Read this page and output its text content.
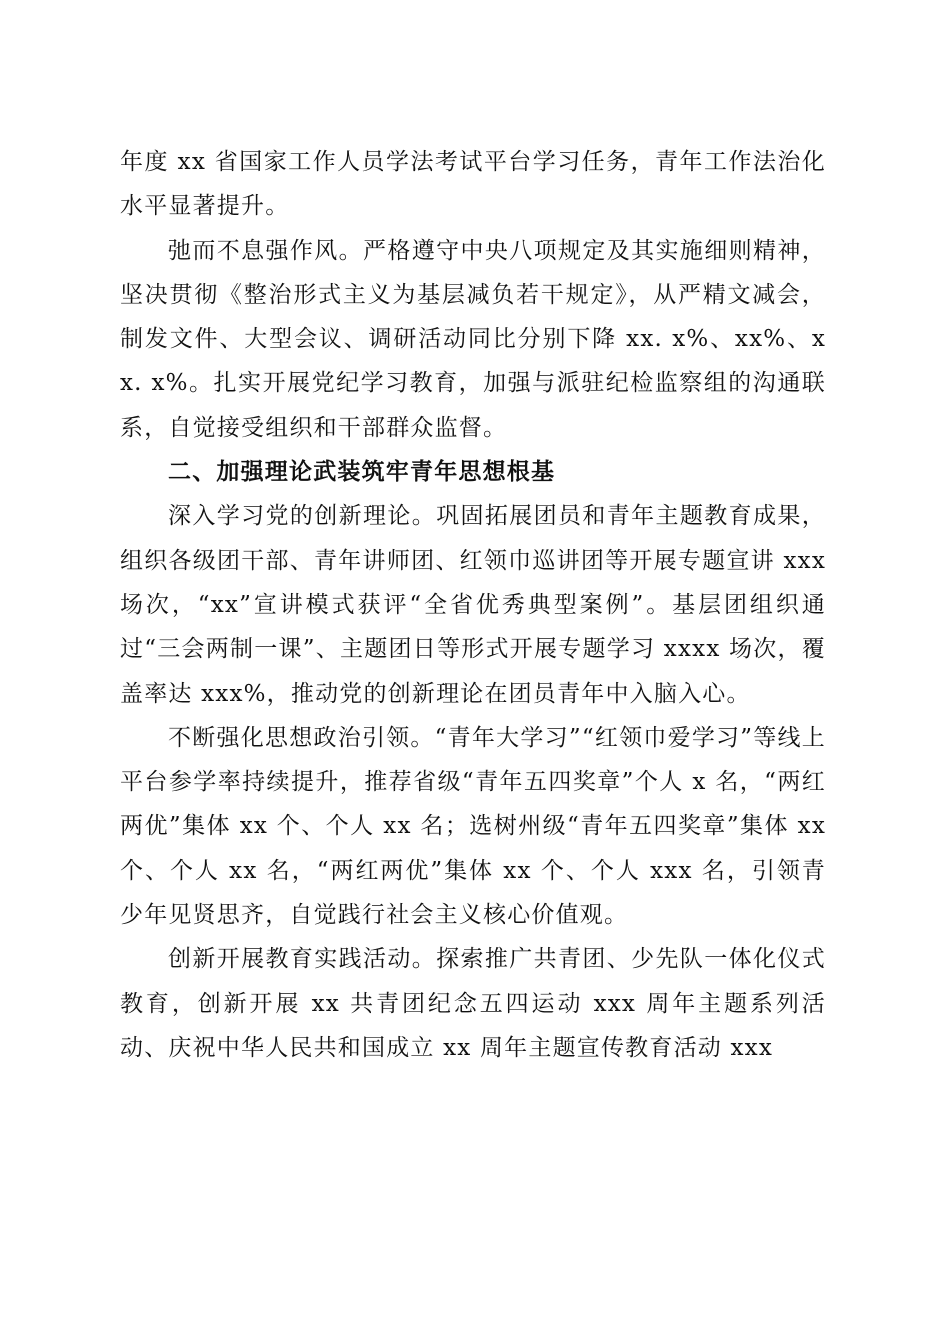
年度 xx 省国家工作人员学法考试平台学习任务，青年工作法治化水平显著提升。

弛而不息强作风。严格遵守中央八项规定及其实施细则精神，坚决贯彻《整治形式主义为基层减负若干规定》，从严精文减会，制发文件、大型会议、调研活动同比分别下降 xx. x%、xx%、xx. x%。扎实开展党纪学习教育，加强与派驻纪检监察组的沟通联系，自觉接受组织和干部群众监督。

二、加强理论武装筑牢青年思想根基

深入学习党的创新理论。巩固拓展团员和青年主题教育成果，组织各级团干部、青年讲师团、红领巾巡讲团等开展专题宣讲 xxx 场次，“xx”宣讲模式获评“全省优秀典型案例”。基层团组织通过“三会两制一课”、主题团日等形式开展专题学习 xxxx 场次，覆盖率达 xxx%，推动党的创新理论在团员青年中入脑入心。

不断强化思想政治引领。“青年大学习”“红领巾爱学习”等线上平台参学率持续提升，推荐省级“青年五四奖章”个人 x 名，“两红两优”集体 xx 个、个人 xx 名；选树州级“青年五四奖章”集体 xx 个、个人 xx 名，“两红两优”集体 xx 个、个人 xxx 名，引领青少年见贤思齐，自觉践行社会主义核心价值观。

创新开展教育实践活动。探索推广共青团、少先队一体化仪式教育，创新开展 xx 共青团纪念五四运动 xxx 周年主题系列活动、庆祝中华人民共和国成立 xx 周年主题宣传教育活动 xxx
